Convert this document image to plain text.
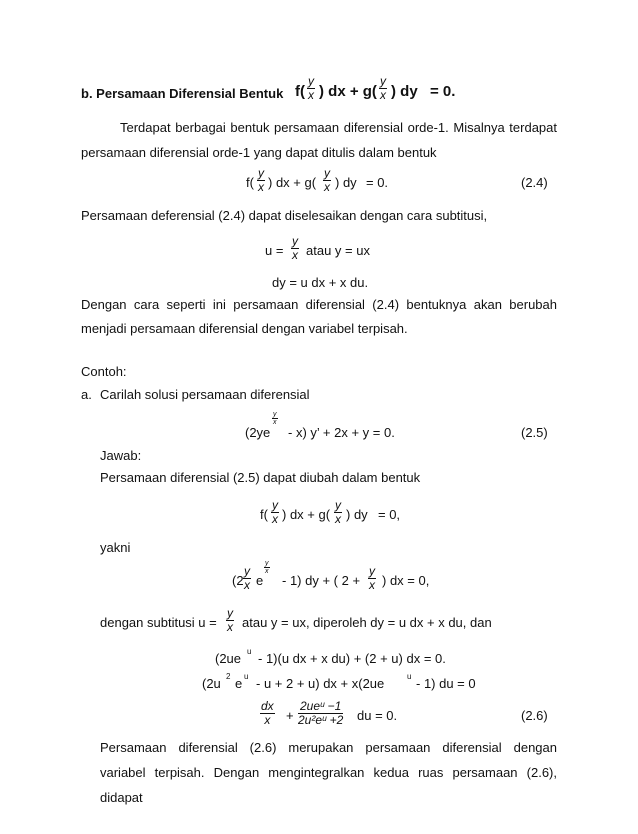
b. Persamaan Diferensial Bentuk $f( \frac{y}{x}$ ) dx + $g( \frac{y}{x}$ ) dy = 0.
Terdapat berbagai bentuk persamaan diferensial orde-1. Misalnya terdapat
persamaan diferensial orde-1 yang dapat ditulis dalam bentuk
$f( \frac{y}{x}$ ) dx + $g( \frac{y}{x}$ ) dy = 0.	(2.4)
Persamaan deferensial (2.4) dapat diselesaikan dengan cara subtitusi,
$u = \frac{y}{x}$ atau y = ux
dy = u dx + x du.
Dengan cara seperti ini persamaan diferensial (2.4) bentuknya akan berubah
menjadi persamaan diferensial dengan variabel terpisah.
Contoh:
a. Carilah solusi persamaan diferensial
(2ye
$\frac{y}{x}$
- x) y’ + 2x + y = 0.	(2.5)
Jawab:
Persamaan diferensial (2.5) dapat diubah dalam bentuk
$f( \frac{y}{x}$ ) dx + $g( \frac{y}{x}$ ) dy = 0,
yakni
($2 \frac{y}{x}$ e
$\frac{y}{x}$
- 1) dy + ( $2 + \frac{y}{x}$ ) dx = 0,
dengan subtitusi $u = \frac{y}{x}$ atau y = ux, diperoleh dy = u dx + x du, dan
(2ue u - 1)(u dx + x du) + (2 + u) dx = 0.
(2u 2 e u - u + 2 + u) dx + x(2ue	u - 1) du = 0
$\frac{dx}{x}$ +
2ueᵘ −1
2u²eᵘ +2 du = 0.	(2.6)
Persamaan diferensial (2.6) merupakan persamaan diferensial dengan
variabel terpisah. Dengan mengintegralkan kedua ruas persamaan (2.6),
didapat
